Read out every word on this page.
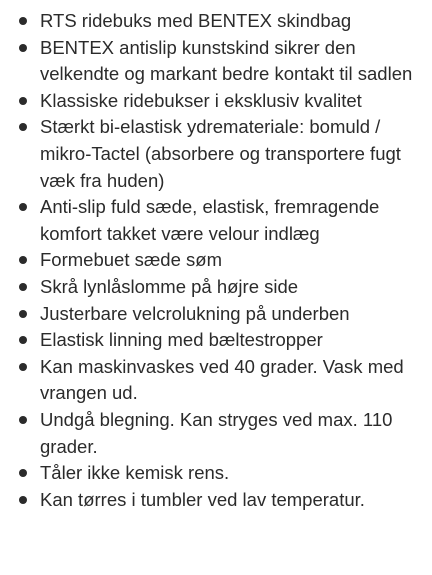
RTS ridebuks med BENTEX skindbag
BENTEX antislip kunstskind sikrer den velkendte og markant bedre kontakt til sadlen
Klassiske ridebukser i eksklusiv kvalitet
Stærkt bi-elastisk ydremateriale: bomuld / mikro-Tactel (absorbere og transportere fugt væk fra huden)
Anti-slip fuld sæde, elastisk, fremragende komfort takket være velour indlæg
Formebuet sæde søm
Skrå lynlåslomme på højre side
Justerbare velcrolukning på underben
Elastisk linning med bæltestropper
Kan maskinvaskes ved 40 grader. Vask med vrangen ud.
Undgå blegning. Kan stryges ved max. 110 grader.
Tåler ikke kemisk rens.
Kan tørres i tumbler ved lav temperatur.
